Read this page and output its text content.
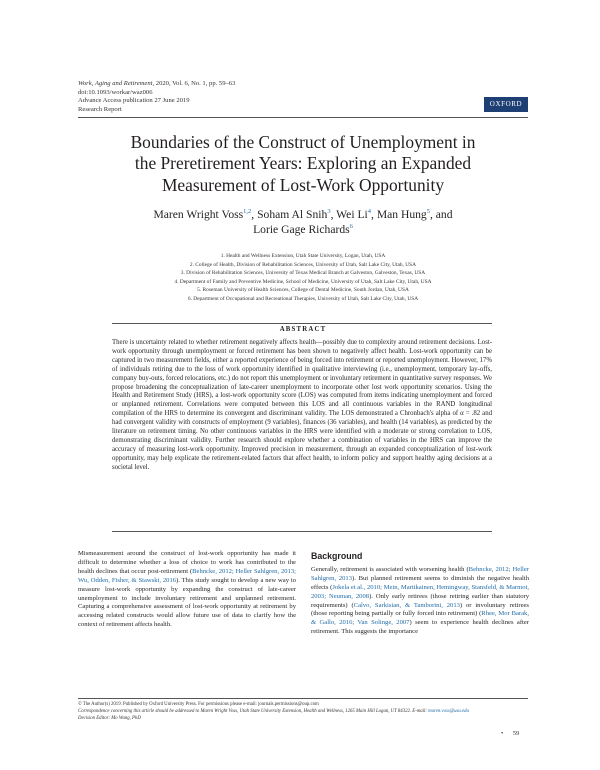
Work, Aging and Retirement, 2020, Vol. 6, No. 1, pp. 59–63
doi:10.1093/workar/waz006
Advance Access publication 27 June 2019
Research Report
OXFORD
Boundaries of the Construct of Unemployment in
the Preretirement Years: Exploring an Expanded
Measurement of Lost-Work Opportunity
Maren Wright Voss$^{1,2}$, Soham Al Snih$^3$, Wei Li$^4$, Man Hung$^5$, and
Lorie Gage Richards$^6$
1. Health and Wellness Extension, Utah State University, Logan, Utah, USA
2. College of Health, Division of Rehabilitation Sciences, University of Utah, Salt Lake City, Utah, USA
3. Division of Rehabilitation Sciences, University of Texas Medical Branch at Galveston, Galveston, Texas, USA
4. Department of Family and Preventive Medicine, School of Medicine, University of Utah, Salt Lake City, Utah, USA
5. Roseman University of Health Sciences, College of Dental Medicine, South Jordan, Utah, USA
6. Department of Occupational and Recreational Therapies, University of Utah, Salt Lake City, Utah, USA
ABSTRACT
There is uncertainty related to whether retirement negatively affects health—possibly due to complexity around retirement decisions. Lost-work opportunity through unemployment or forced retirement has been shown to negatively affect health. Lost-work opportunity can be captured in two measurement fields, either a reported experience of being forced into retirement or reported unemployment. However, 17% of individuals retiring due to the loss of work opportunity identified in qualitative interviewing (i.e., unemployment, temporary lay-offs, company buy-outs, forced relocations, etc.) do not report this unemployment or involuntary retirement in quantitative survey responses. We propose broadening the conceptualization of late-career unemployment to incorporate other lost work opportunity scenarios. Using the Health and Retirement Study (HRS), a lost-work opportunity score (LOS) was computed from items indicating unemployment and forced or unplanned retirement. Correlations were computed between this LOS and all continuous variables in the RAND longitudinal compilation of the HRS to determine its convergent and discriminant validity. The LOS demonstrated a Chronbach's alpha of α = .82 and had convergent validity with constructs of employment (9 variables), finances (36 variables), and health (14 variables), as predicted by the literature on retirement timing. No other continuous variables in the HRS were identified with a moderate or strong correlation to LOS, demonstrating discriminant validity. Further research should explore whether a combination of variables in the HRS can improve the accuracy of measuring lost-work opportunity. Improved precision in measurement, through an expanded conceptualization of lost-work opportunity, may help explicate the retirement-related factors that affect health, to inform policy and support healthy aging decisions at a societal level.
Mismeasurement around the construct of lost-work opportunity has made it difficult to determine whether a loss of choice to work has contributed to the health declines that occur post-retirement (Behncke, 2012; Heller Sahlgren, 2013; Wu, Odden, Fisher, & Stawski, 2016). This study sought to develop a new way to measure lost-work opportunity by expanding the construct of late-career unemployment to include involuntary retirement and unplanned retirement. Capturing a comprehensive assessment of lost-work opportunity at retirement by accessing related constructs would allow future use of data to clarify how the context of retirement affects health.
Background
Generally, retirement is associated with worsening health (Behncke, 2012; Heller Sahlgren, 2013). But planned retirement seems to diminish the negative health effects (Jokela et al., 2010; Mein, Martikainen, Hemingway, Stansfeld, & Marmot, 2003; Neuman, 2008). Only early retirees (those retiring earlier than statutory requirements) (Calvo, Sarkisian, & Tamborini, 2013) or involuntary retirees (those reporting being partially or fully forced into retirement) (Rhee, Mor Barak, & Gallo, 2016; Van Solinge, 2007) seem to experience health declines after retirement. This suggests the importance
© The Author(s) 2019. Published by Oxford University Press. For permissions please e-mail: journals.permissions@oup.com
Correspondence concerning this article should be addressed to Maren Wright Voss, Utah State University Extension, Health and Wellness, 1265 Main Hill Logan, UT 84322. E-mail: maren.voss@usu.edu
Decision Editor: Mo Wang, PhD
•      59
